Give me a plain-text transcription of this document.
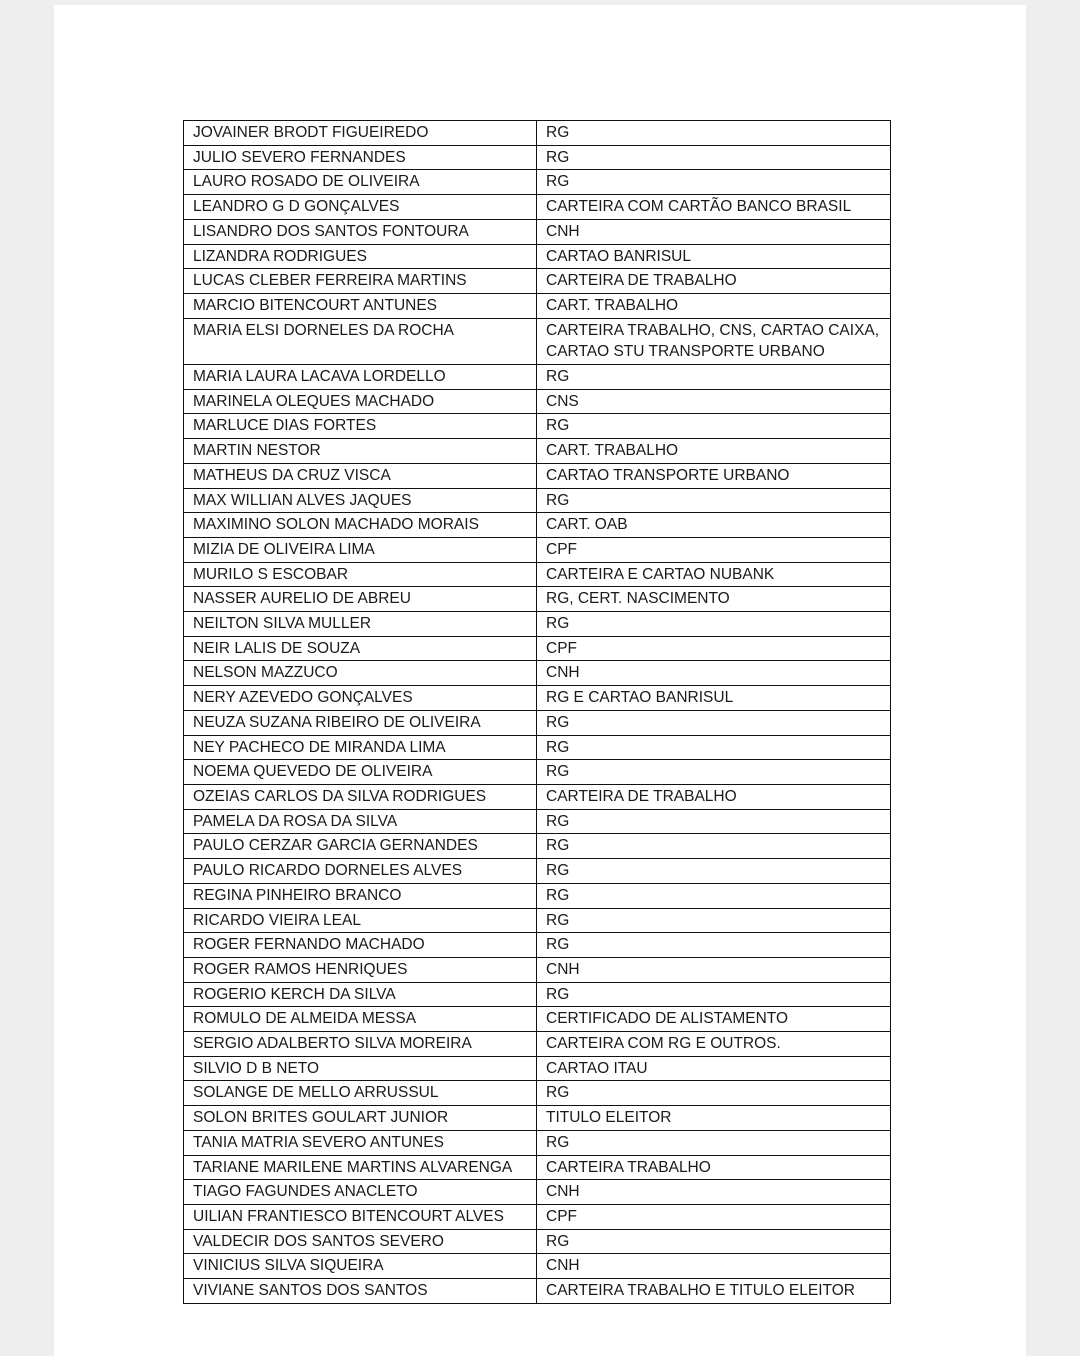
JOVAINER BRODT FIGUEIREDO	RG

JULIO SEVERO FERNANDES	RG

LAURO ROSADO DE OLIVEIRA	RG

LEANDRO G D GONÇALVES	CARTEIRA COM CARTÃO BANCO BRASIL

LISANDRO DOS SANTOS FONTOURA	CNH

LIZANDRA RODRIGUES	CARTAO BANRISUL

LUCAS CLEBER FERREIRA MARTINS	CARTEIRA DE TRABALHO

MARCIO BITENCOURT ANTUNES	CART. TRABALHO

MARIA ELSI DORNELES DA ROCHA	CARTEIRA TRABALHO, CNS, CARTAO CAIXA,
CARTAO STU TRANSPORTE URBANO

MARIA LAURA LACAVA LORDELLO	RG

MARINELA OLEQUES MACHADO	CNS

MARLUCE DIAS FORTES	RG

MARTIN NESTOR	CART. TRABALHO

MATHEUS DA CRUZ VISCA	CARTAO TRANSPORTE URBANO

MAX WILLIAN ALVES JAQUES	RG

MAXIMINO SOLON MACHADO MORAIS	CART. OAB

MIZIA DE OLIVEIRA LIMA	CPF

MURILO S ESCOBAR	CARTEIRA E CARTAO NUBANK

NASSER AURELIO DE ABREU	RG, CERT. NASCIMENTO

NEILTON SILVA MULLER	RG

NEIR LALIS DE SOUZA	CPF

NELSON MAZZUCO	CNH

NERY AZEVEDO GONÇALVES	RG E CARTAO BANRISUL

NEUZA SUZANA RIBEIRO DE OLIVEIRA	RG

NEY PACHECO DE MIRANDA LIMA	RG

NOEMA QUEVEDO DE OLIVEIRA	RG

OZEIAS CARLOS DA SILVA RODRIGUES	CARTEIRA DE TRABALHO

PAMELA DA ROSA DA SILVA	RG

PAULO CERZAR GARCIA GERNANDES	RG

PAULO RICARDO DORNELES ALVES	RG

REGINA PINHEIRO BRANCO	RG

RICARDO VIEIRA LEAL	RG

ROGER FERNANDO MACHADO	RG

ROGER RAMOS HENRIQUES	CNH

ROGERIO KERCH DA SILVA	RG

ROMULO DE ALMEIDA MESSA	CERTIFICADO DE ALISTAMENTO

SERGIO ADALBERTO SILVA MOREIRA	CARTEIRA COM RG E OUTROS.

SILVIO D B NETO	CARTAO ITAU

SOLANGE DE MELLO ARRUSSUL	RG

SOLON BRITES GOULART JUNIOR	TITULO ELEITOR

TANIA MATRIA SEVERO ANTUNES	RG

TARIANE MARILENE MARTINS ALVARENGA	CARTEIRA TRABALHO

TIAGO FAGUNDES ANACLETO	CNH

UILIAN FRANTIESCO BITENCOURT ALVES	CPF

VALDECIR DOS SANTOS SEVERO	RG

VINICIUS SILVA SIQUEIRA	CNH

VIVIANE SANTOS DOS SANTOS	CARTEIRA TRABALHO E TITULO ELEITOR
